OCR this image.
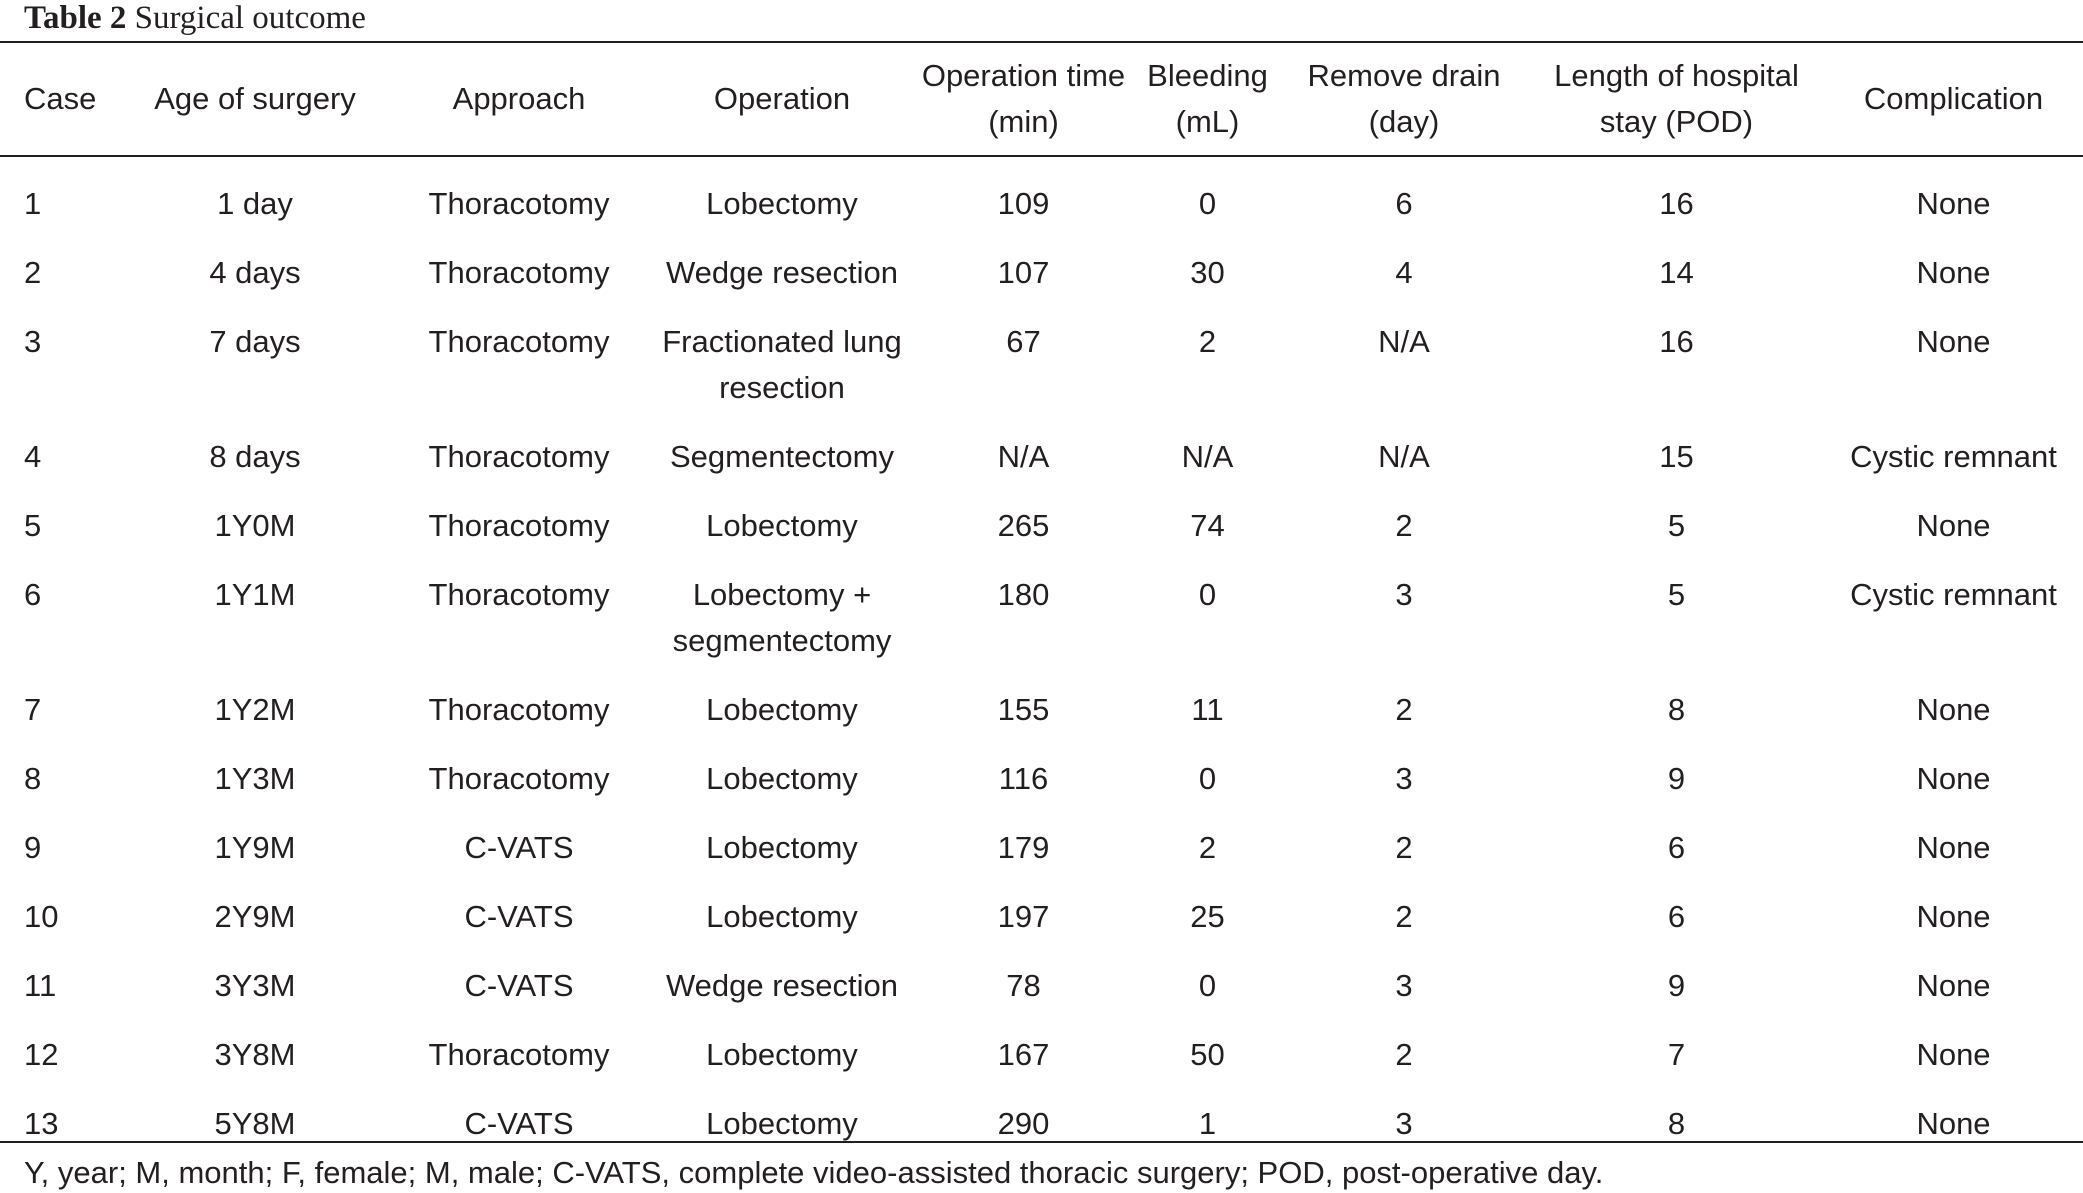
Table 2 Surgical outcome
Case	Age of surgery	Approach	Operation	Operation time (min)	Bleeding (mL)	Remove drain (day)	Length of hospital stay (POD)	Complication
1	1 day	Thoracotomy	Lobectomy	109	0	6	16	None
2	4 days	Thoracotomy	Wedge resection	107	30	4	14	None
3	7 days	Thoracotomy	Fractionated lung resection	67	2	N/A	16	None
4	8 days	Thoracotomy	Segmentectomy	N/A	N/A	N/A	15	Cystic remnant
5	1Y0M	Thoracotomy	Lobectomy	265	74	2	5	None
6	1Y1M	Thoracotomy	Lobectomy + segmentectomy	180	0	3	5	Cystic remnant
7	1Y2M	Thoracotomy	Lobectomy	155	11	2	8	None
8	1Y3M	Thoracotomy	Lobectomy	116	0	3	9	None
9	1Y9M	C-VATS	Lobectomy	179	2	2	6	None
10	2Y9M	C-VATS	Lobectomy	197	25	2	6	None
11	3Y3M	C-VATS	Wedge resection	78	0	3	9	None
12	3Y8M	Thoracotomy	Lobectomy	167	50	2	7	None
13	5Y8M	C-VATS	Lobectomy	290	1	3	8	None
Y, year; M, month; F, female; M, male; C-VATS, complete video-assisted thoracic surgery; POD, post-operative day.
